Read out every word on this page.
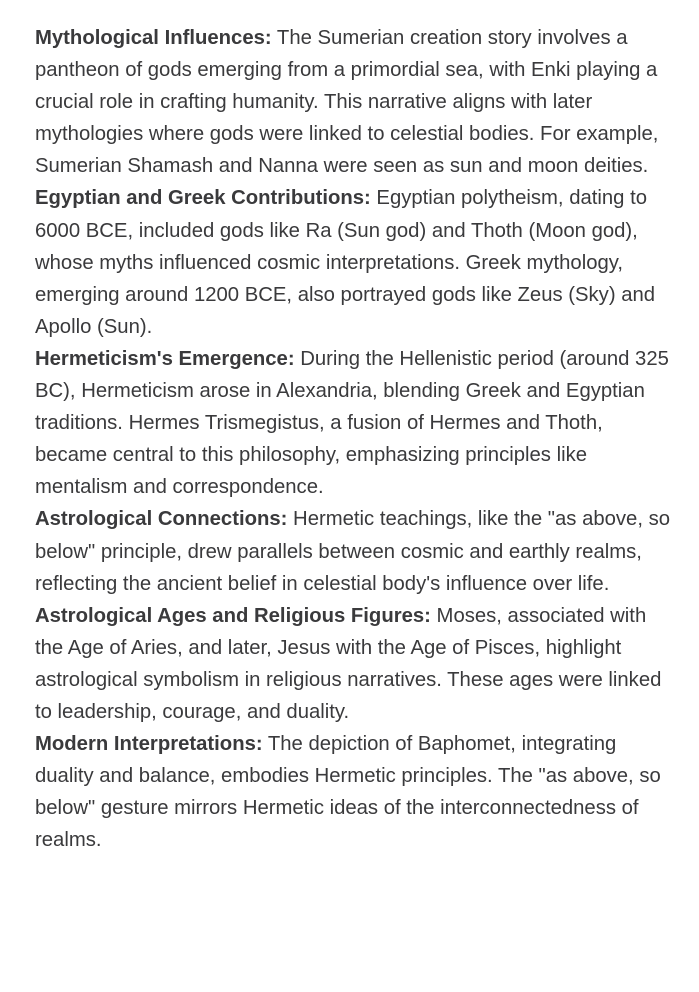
Mythological Influences: The Sumerian creation story involves a pantheon of gods emerging from a primordial sea, with Enki playing a crucial role in crafting humanity. This narrative aligns with later mythologies where gods were linked to celestial bodies. For example, Sumerian Shamash and Nanna were seen as sun and moon deities.

Egyptian and Greek Contributions: Egyptian polytheism, dating to 6000 BCE, included gods like Ra (Sun god) and Thoth (Moon god), whose myths influenced cosmic interpretations. Greek mythology, emerging around 1200 BCE, also portrayed gods like Zeus (Sky) and Apollo (Sun).

Hermeticism's Emergence: During the Hellenistic period (around 325 BC), Hermeticism arose in Alexandria, blending Greek and Egyptian traditions. Hermes Trismegistus, a fusion of Hermes and Thoth, became central to this philosophy, emphasizing principles like mentalism and correspondence.

Astrological Connections: Hermetic teachings, like the "as above, so below" principle, drew parallels between cosmic and earthly realms, reflecting the ancient belief in celestial body's influence over life.

Astrological Ages and Religious Figures: Moses, associated with the Age of Aries, and later, Jesus with the Age of Pisces, highlight astrological symbolism in religious narratives. These ages were linked to leadership, courage, and duality.

Modern Interpretations: The depiction of Baphomet, integrating duality and balance, embodies Hermetic principles. The "as above, so below" gesture mirrors Hermetic ideas of the interconnectedness of realms.
